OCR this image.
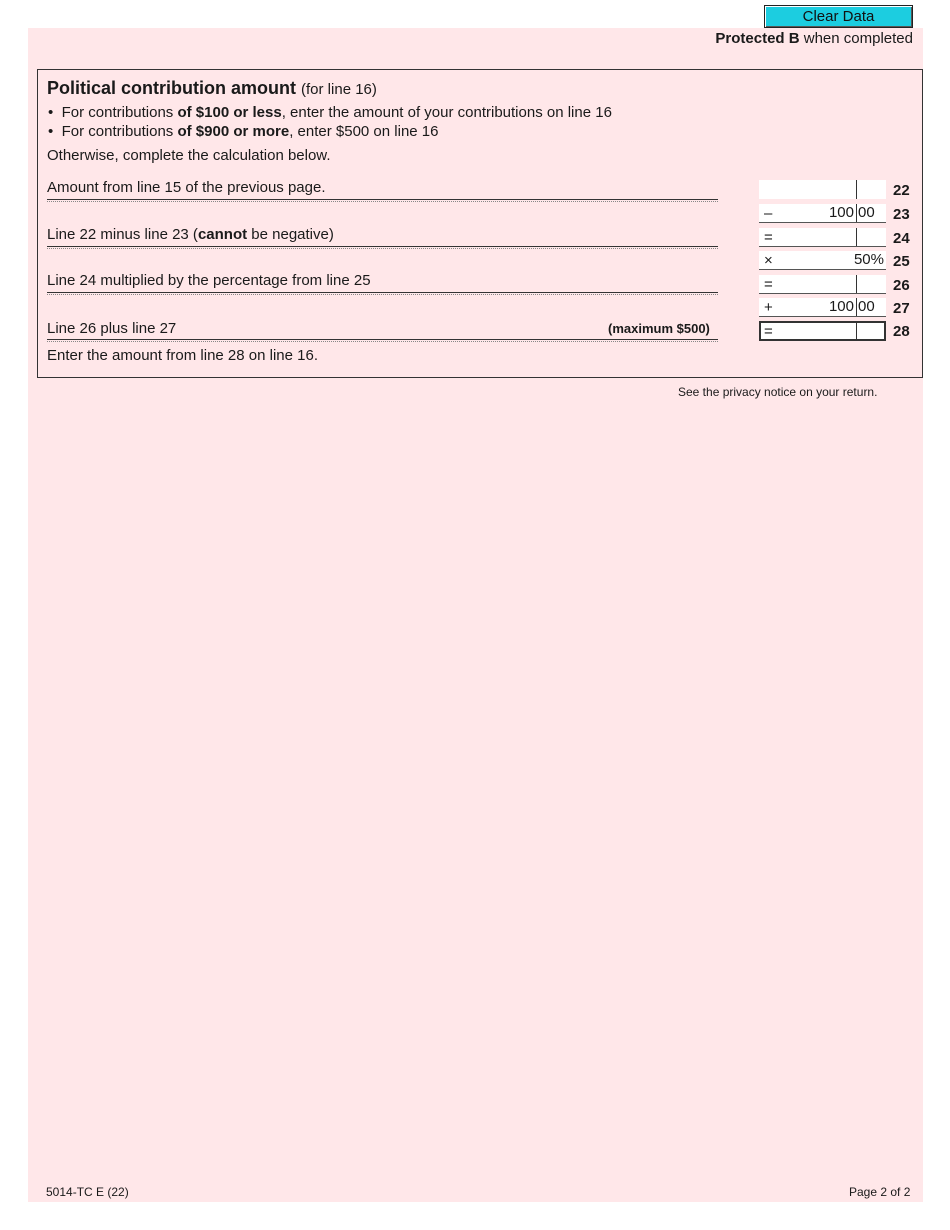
Clear Data
Protected B when completed
Political contribution amount (for line 16)
•  For contributions of $100 or less, enter the amount of your contributions on line 16
•  For contributions of $900 or more, enter $500 on line 16
Otherwise, complete the calculation below.
Amount from line 15 of the previous page.	22
–	100 00 23
Line 22 minus line 23 (cannot be negative)	=	24
×	50% 25
Line 24 multiplied by the percentage from line 25	=	26
+	100 00 27
Line 26 plus line 27	(maximum $500)	=	28
Enter the amount from line 28 on line 16.
See the privacy notice on your return.
5014-TC E (22)	Page 2 of 2
